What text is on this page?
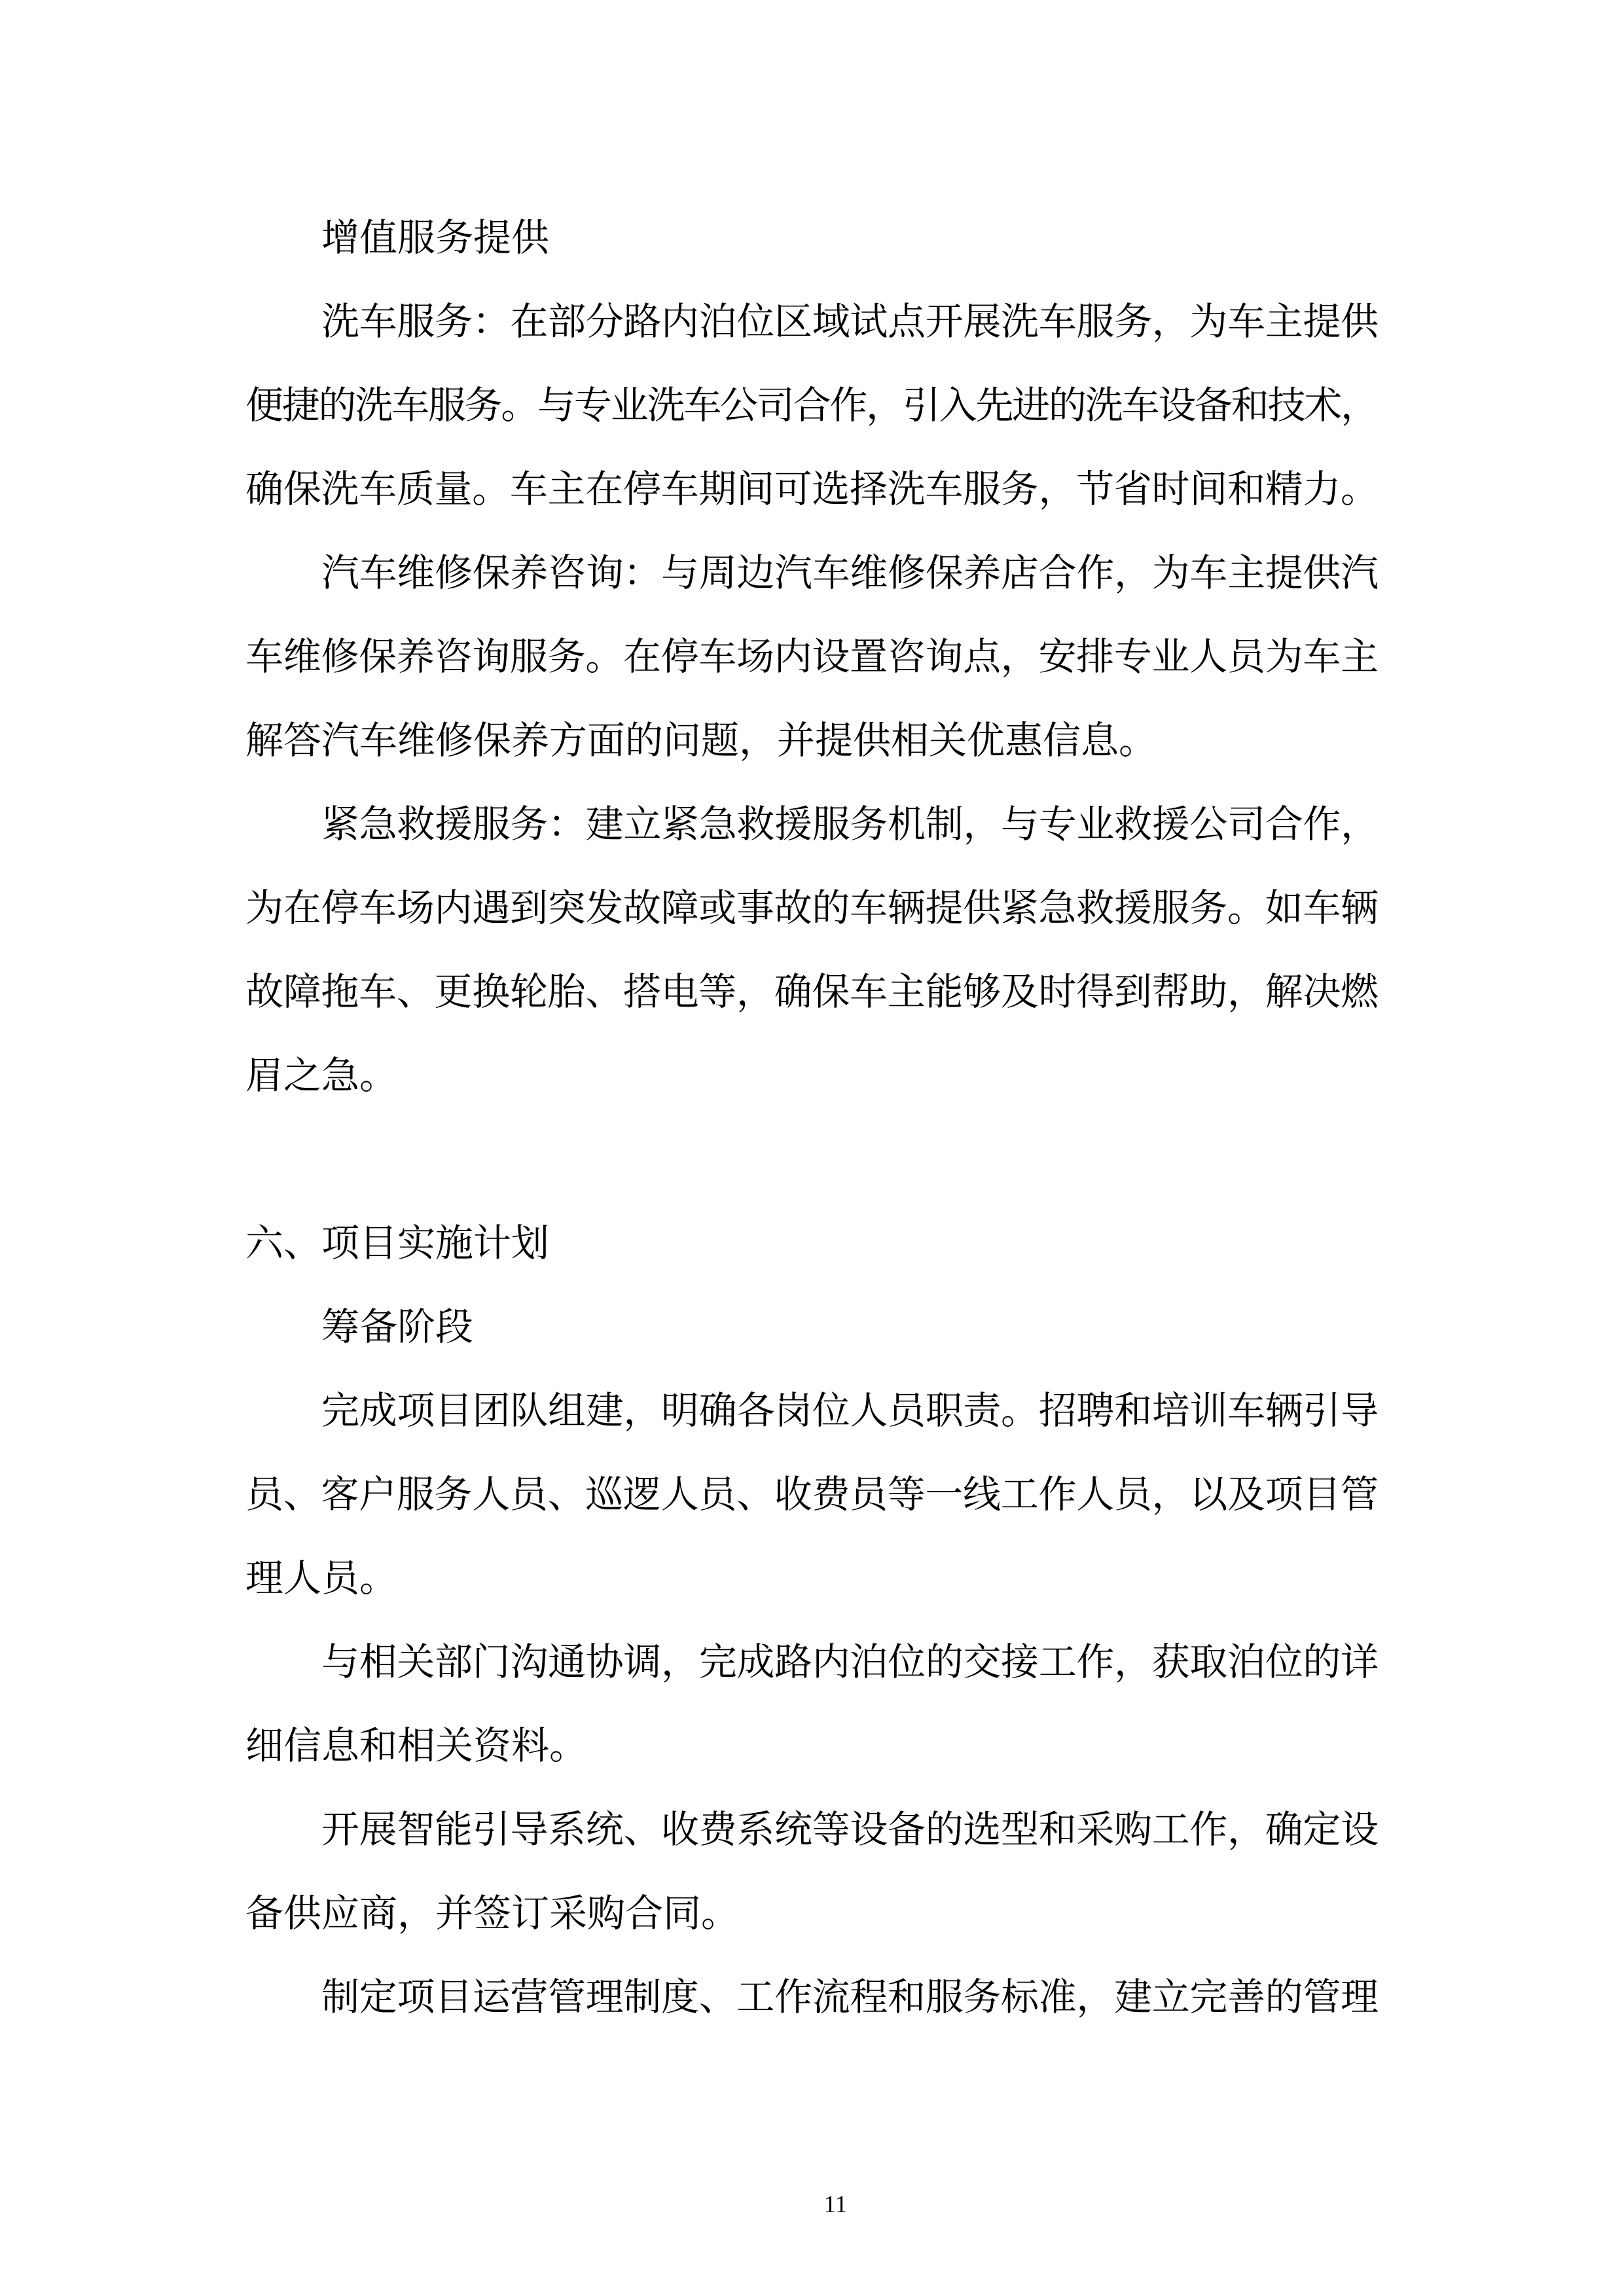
增值服务提供
洗车服务：在部分路内泊位区域试点开展洗车服务，为车主提供
便捷的洗车服务。与专业洗车公司合作，引入先进的洗车设备和技术，
确保洗车质量。车主在停车期间可选择洗车服务，节省时间和精力。
汽车维修保养咨询：与周边汽车维修保养店合作，为车主提供汽
车维修保养咨询服务。在停车场内设置咨询点，安排专业人员为车主
解答汽车维修保养方面的问题，并提供相关优惠信息。
紧急救援服务：建立紧急救援服务机制，与专业救援公司合作，
为在停车场内遇到突发故障或事故的车辆提供紧急救援服务。如车辆
故障拖车、更换轮胎、搭电等，确保车主能够及时得到帮助，解决燃
眉之急。
六、项目实施计划
筹备阶段
完成项目团队组建，明确各岗位人员职责。招聘和培训车辆引导
员、客户服务人员、巡逻人员、收费员等一线工作人员，以及项目管
理人员。
与相关部门沟通协调，完成路内泊位的交接工作，获取泊位的详
细信息和相关资料。
开展智能引导系统、收费系统等设备的选型和采购工作，确定设
备供应商，并签订采购合同。
制定项目运营管理制度、工作流程和服务标准，建立完善的管理
11
